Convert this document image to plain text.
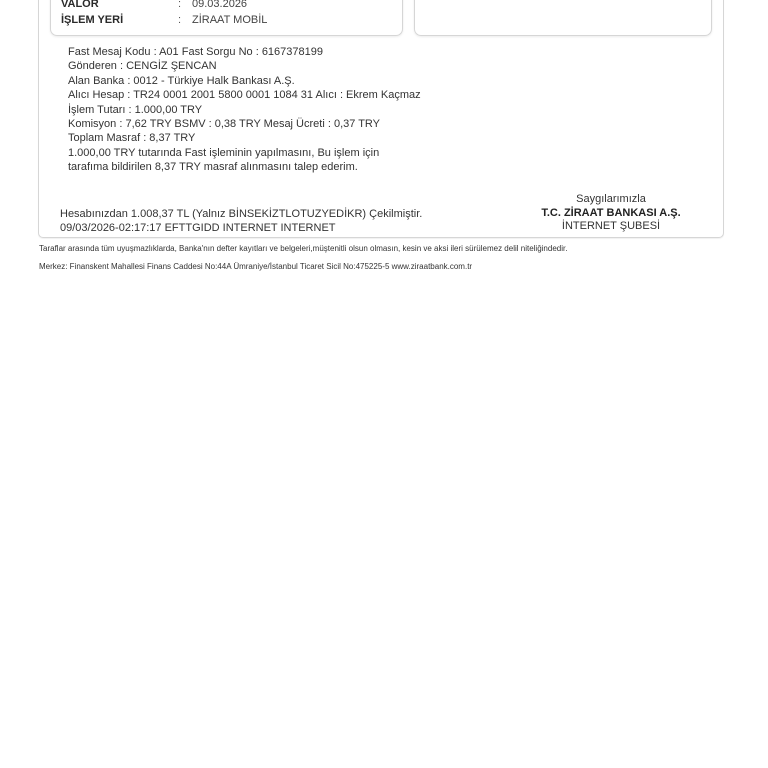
VALOR	: 09.03.2026
İŞLEM YERİ	: ZİRAAT MOBİL
Fast Mesaj Kodu : A01 Fast Sorgu No : 6167378199
Gönderen : CENGİZ ŞENCAN
Alan Banka : 0012 - Türkiye Halk Bankası A.Ş.
Alıcı Hesap : TR24 0001 2001 5800 0001 1084 31 Alıcı : Ekrem Kaçmaz
İşlem Tutarı : 1.000,00 TRY
Komisyon : 7,62 TRY BSMV : 0,38 TRY Mesaj Ücreti : 0,37 TRY
Toplam Masraf : 8,37 TRY
1.000,00 TRY tutarında Fast işleminin yapılmasını, Bu işlem için
tarafıma bildirilen 8,37 TRY masraf alınmasını talep ederim.
Hesabınızdan 1.008,37 TL (Yalnız BİNSEKİZTLOTUZYEDİKR) Çekilmiştir.
09/03/2026-02:17:17 EFTTGIDD INTERNET INTERNET
Saygılarımızla
T.C. ZİRAAT BANKASI A.Ş.
İNTERNET ŞUBESİ
Taraflar arasında tüm uyuşmazlıklarda, Banka'nın defter kayıtları ve belgeleri,müştenitli olsun olmasın, kesin ve aksi ileri sürülemez delil niteliğindedir.
Merkez: Finanskent Mahallesi Finans Caddesi No:44A Ümraniye/İstanbul Ticaret Sicil No:475225-5 www.ziraatbank.com.tr
